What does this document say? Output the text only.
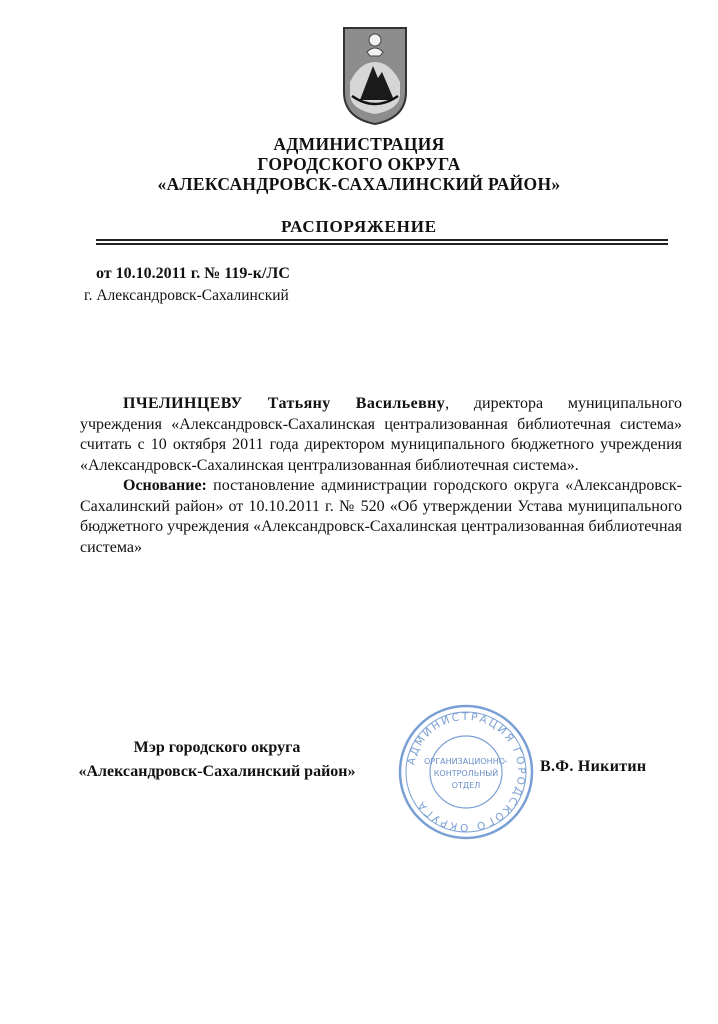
АДМИНИСТРАЦИЯ
ГОРОДСКОГО ОКРУГА
«АЛЕКСАНДРОВСК-САХАЛИНСКИЙ РАЙОН»
РАСПОРЯЖЕНИЕ
от 10.10.2011 г. № 119-к/ЛС
г. Александровск-Сахалинский

ПЧЕЛИНЦЕВУ Татьяну Васильевну, директора муниципального учреждения «Александровск-Сахалинская централизованная библиотечная система» считать с 10 октября 2011 года директором муниципального бюджетного учреждения «Александровск-Сахалинская централизованная библиотечная система».

Основание: постановление администрации городского округа «Александровск-Сахалинский район» от 10.10.2011 г. № 520 «Об утверждении Устава муниципального бюджетного учреждения «Александровск-Сахалинская централизованная библиотечная система»

Мэр городского округа
«Александровск-Сахалинский район»	В.Ф. Никитин
АДМИНИСТРАЦИЯ ГОРОДСКОГО ОКРУГА
ОРГАНИЗАЦИОННО-
КОНТРОЛЬНЫЙ
ОТДЕЛ
